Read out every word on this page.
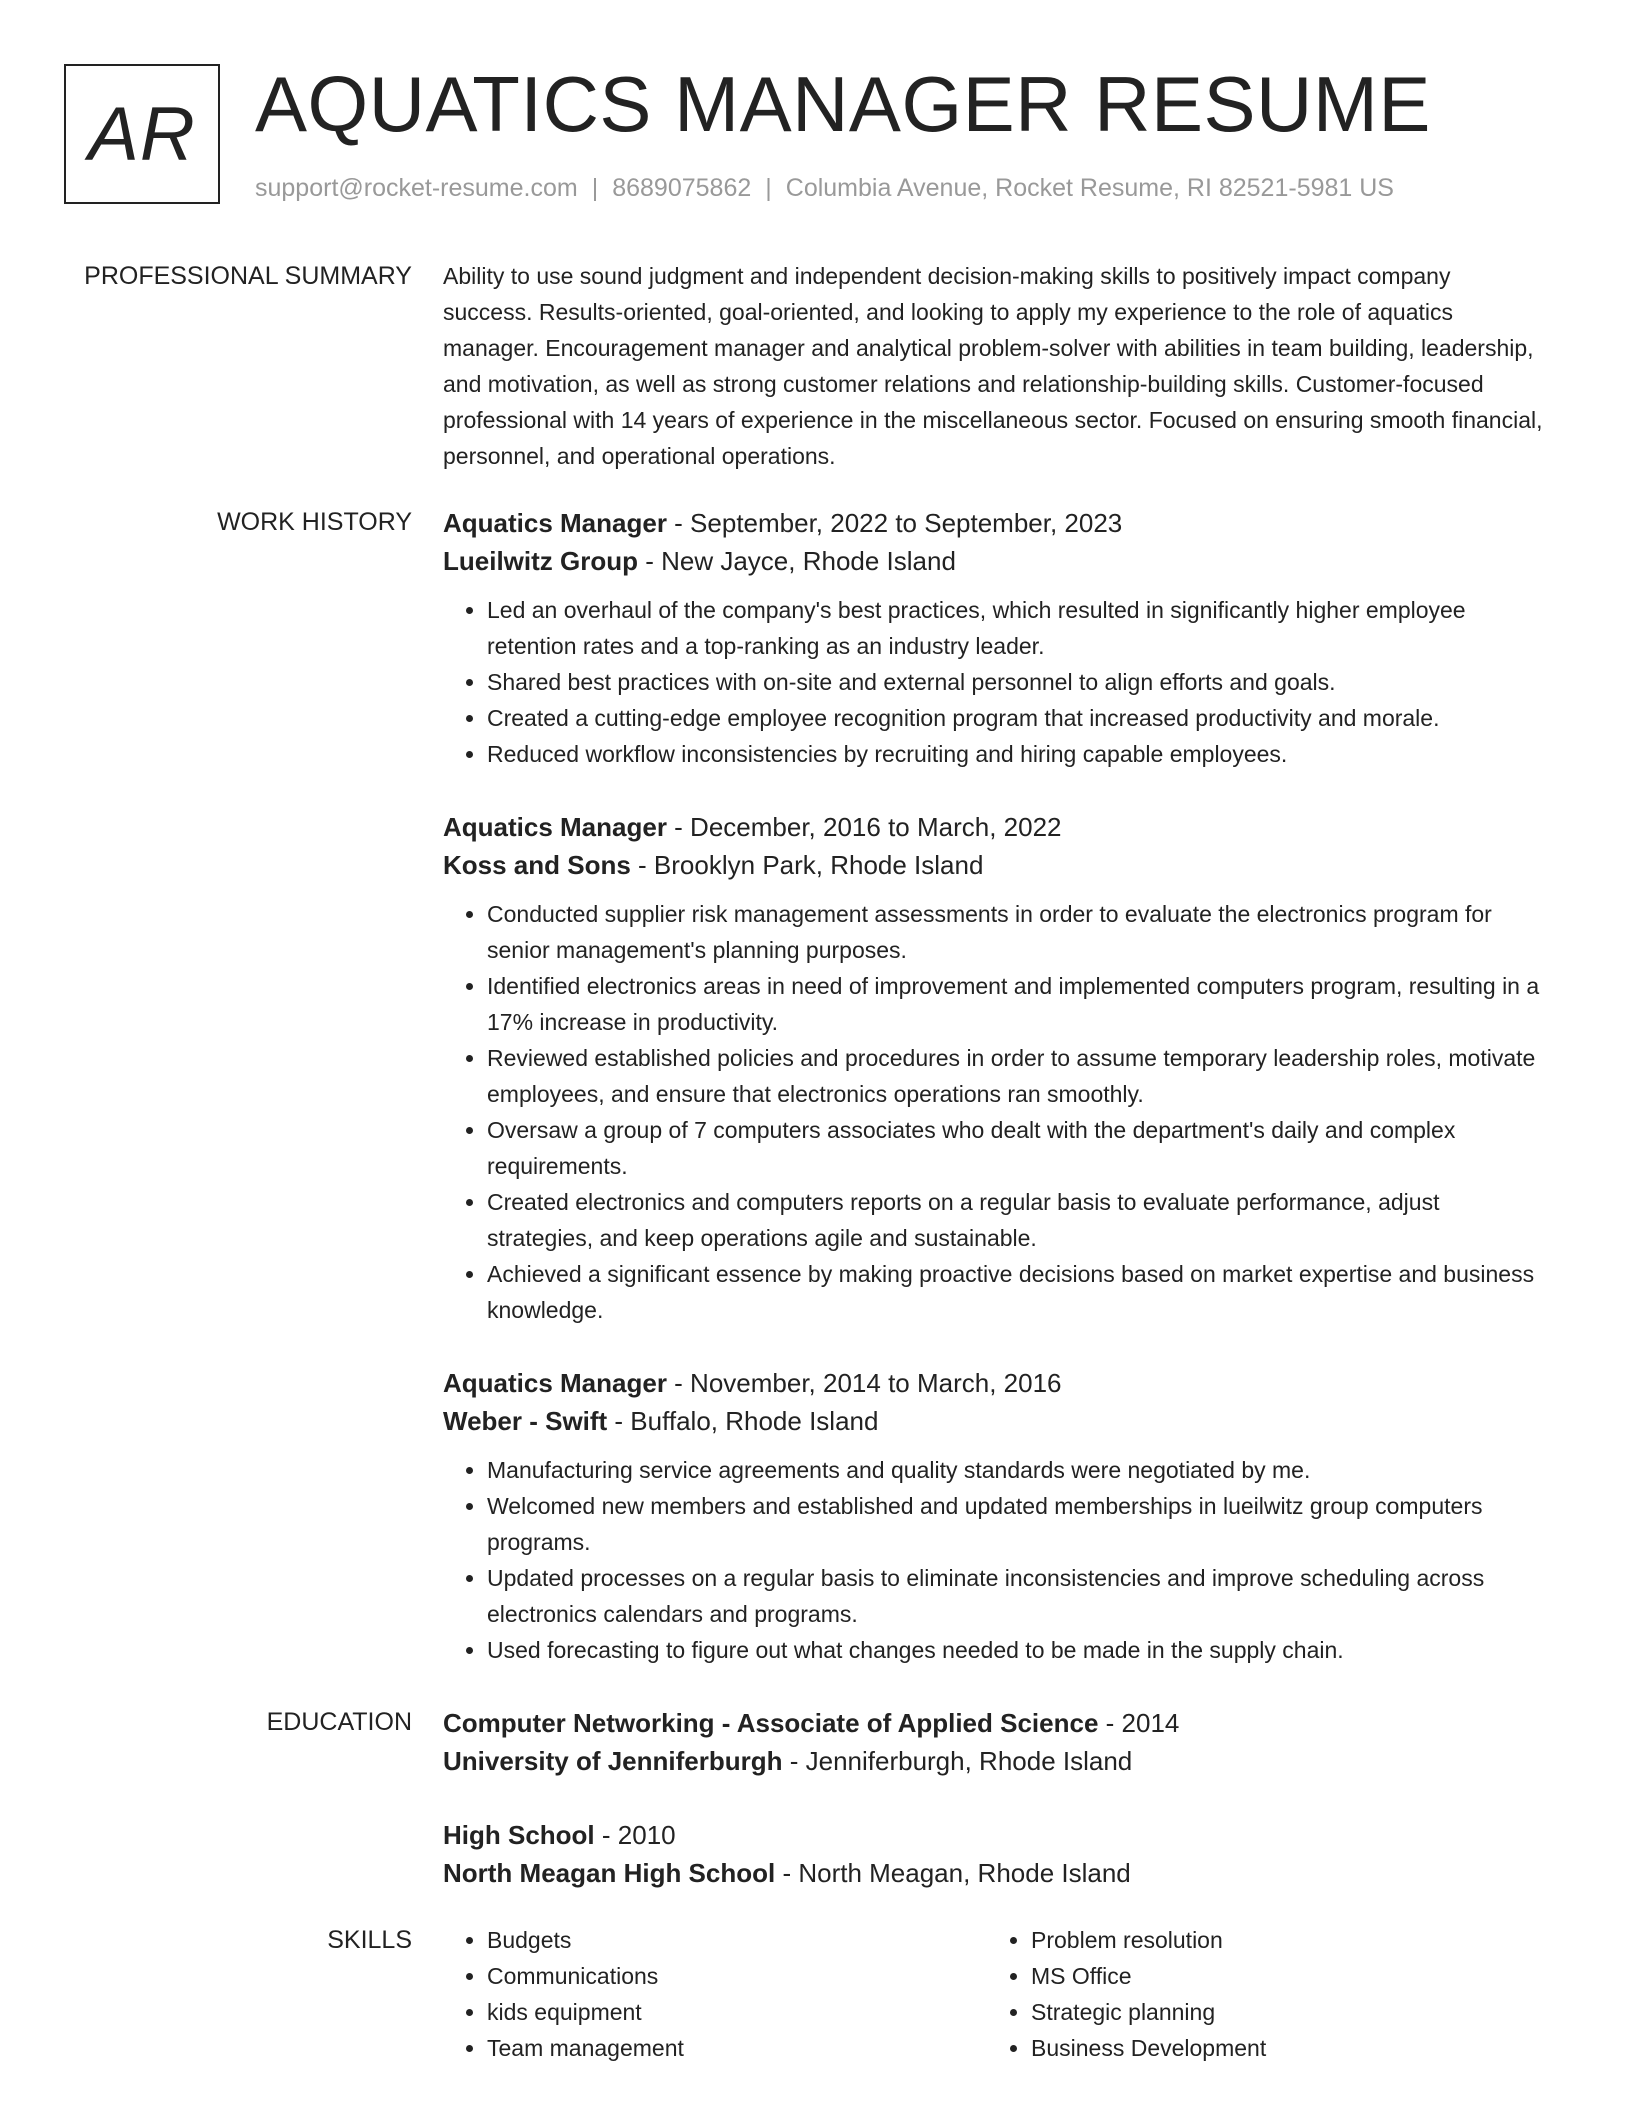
AR AQUATICS MANAGER RESUME
support@rocket-resume.com | 8689075862 | Columbia Avenue, Rocket Resume, RI 82521-5981 US
PROFESSIONAL SUMMARY Ability to use sound judgment and independent decision-making skills to positively impact company success. Results-oriented, goal-oriented, and looking to apply my experience to the role of aquatics manager. Encouragement manager and analytical problem-solver with abilities in team building, leadership, and motivation, as well as strong customer relations and relationship-building skills. Customer-focused professional with 14 years of experience in the miscellaneous sector. Focused on ensuring smooth financial, personnel, and operational operations.

WORK HISTORY Aquatics Manager - September, 2022 to September, 2023
Lueilwitz Group - New Jayce, Rhode Island
• Led an overhaul of the company's best practices, which resulted in significantly higher employee retention rates and a top-ranking as an industry leader.
• Shared best practices with on-site and external personnel to align efforts and goals.
• Created a cutting-edge employee recognition program that increased productivity and morale.
• Reduced workflow inconsistencies by recruiting and hiring capable employees.
Aquatics Manager - December, 2016 to March, 2022
Koss and Sons - Brooklyn Park, Rhode Island
• Conducted supplier risk management assessments in order to evaluate the electronics program for senior management's planning purposes.
• Identified electronics areas in need of improvement and implemented computers program, resulting in a 17% increase in productivity.
• Reviewed established policies and procedures in order to assume temporary leadership roles, motivate employees, and ensure that electronics operations ran smoothly.
• Oversaw a group of 7 computers associates who dealt with the department's daily and complex requirements.
• Created electronics and computers reports on a regular basis to evaluate performance, adjust strategies, and keep operations agile and sustainable.
• Achieved a significant essence by making proactive decisions based on market expertise and business knowledge.
Aquatics Manager - November, 2014 to March, 2016
Weber - Swift - Buffalo, Rhode Island
• Manufacturing service agreements and quality standards were negotiated by me.
• Welcomed new members and established and updated memberships in lueilwitz group computers programs.
• Updated processes on a regular basis to eliminate inconsistencies and improve scheduling across electronics calendars and programs.
• Used forecasting to figure out what changes needed to be made in the supply chain.
EDUCATION Computer Networking - Associate of Applied Science - 2014
University of Jenniferburgh - Jenniferburgh, Rhode Island
High School - 2010
North Meagan High School - North Meagan, Rhode Island
SKILLS
•	Budgets
• Communications
• kids equipment
• Team management
• Problem resolution
• MS Office
• Strategic planning
• Business Development
